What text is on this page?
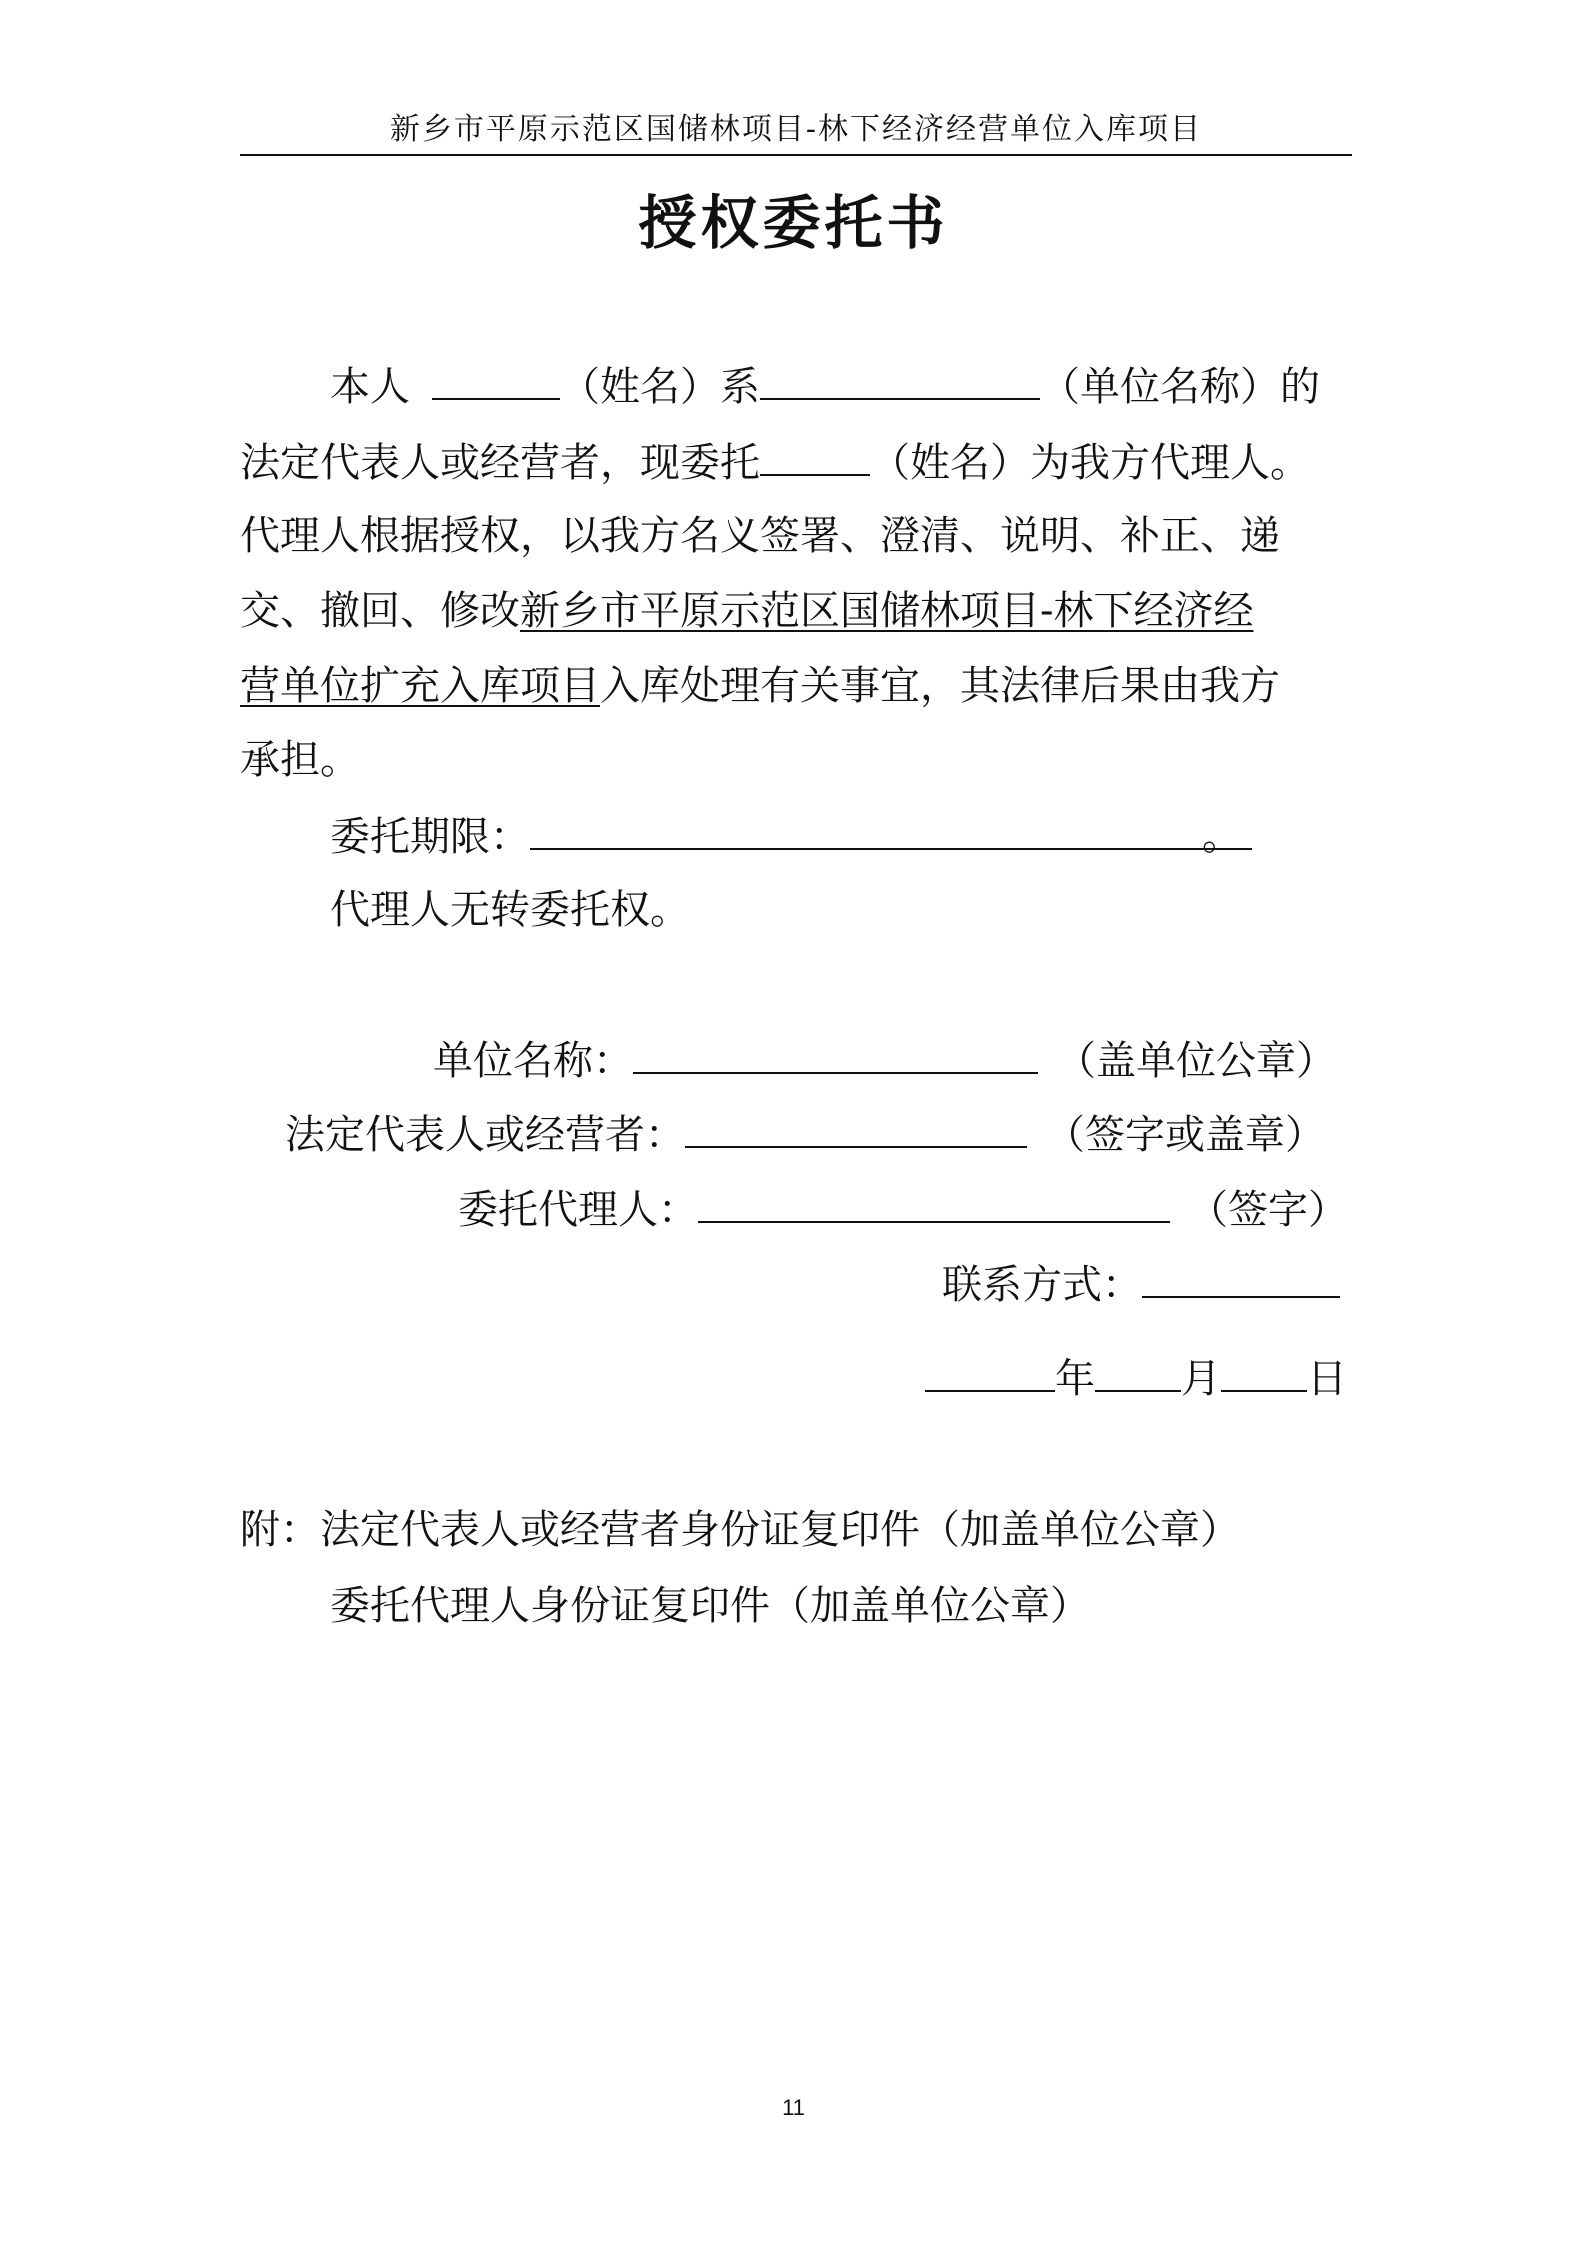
新乡市平原示范区国储林项目-林下经济经营单位入库项目
授权委托书
本人	（姓名）系	（单位名称）的
法定代表人或经营者，现委托	（姓名）为我方代理人。
代理人根据授权，以我方名义签署、澄清、说明、补正、递
交、撤回、修改新乡市平原示范区国储林项目-林下经济经
营单位扩充入库项目入库处理有关事宜，其法律后果由我方
承担。
委托期限：	。
代理人无转委托权。
单位名称：	（盖单位公章）
法定代表人或经营者：	（签字或盖章）
委托代理人：	（签字）
联系方式：
年 月 日
附：法定代表人或经营者身份证复印件（加盖单位公章）
委托代理人身份证复印件（加盖单位公章）
11
